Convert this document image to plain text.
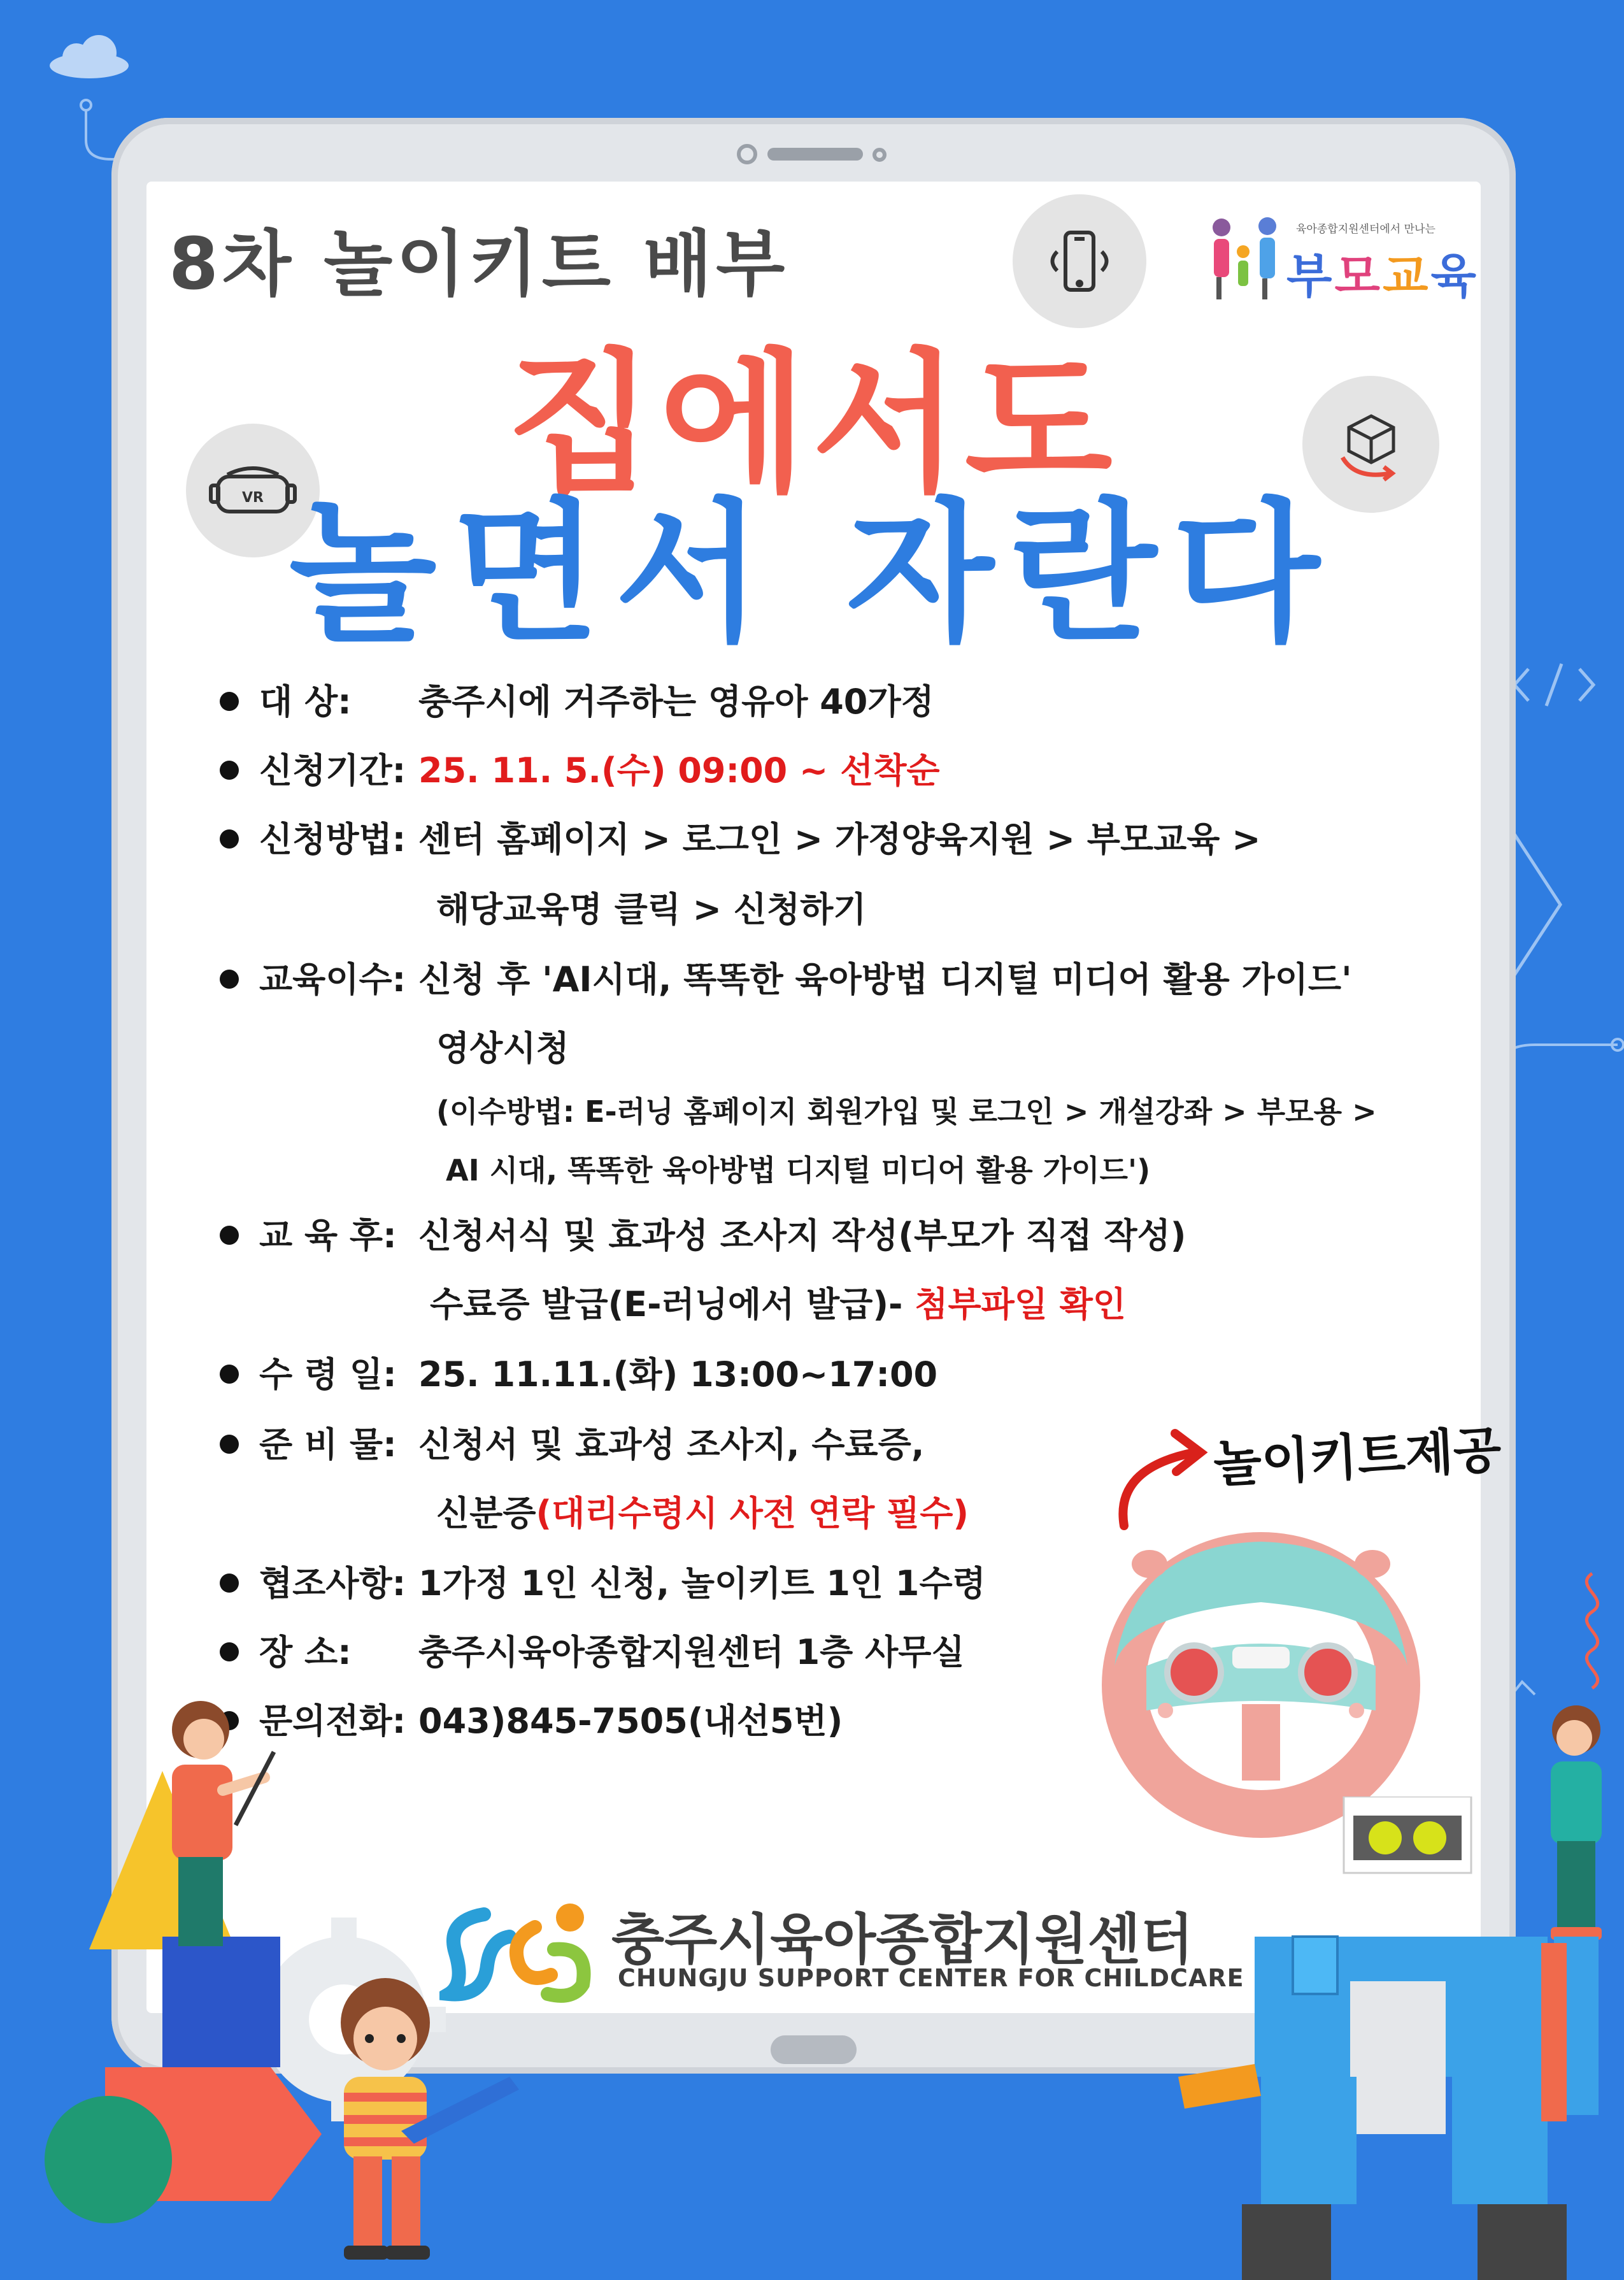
8차 놀이키트 배부	육아종합지원센터에서 만나는
부모교육
VR	집에서도
놀면서 자란다
대 상: 충주시에 거주하는 영유아 40가정
신청기간: 25. 11. 5.(수) 09:00 ~ 선착순
신청방법: 센터 홈페이지 > 로그인 > 가정양육지원 > 부모교육 >
해당교육명 클릭 > 신청하기
교육이수: 신청 후 'AI시대, 똑똑한 육아방법 디지털 미디어 활용 가이드'
영상시청
(이수방법: E-러닝 홈페이지 회원가입 및 로그인 > 개설강좌 > 부모용 >
AI 시대, 똑똑한 육아방법 디지털 미디어 활용 가이드')
교 육 후: 신청서식 및 효과성 조사지 작성(부모가 직접 작성)
수료증 발급(E-러닝에서 발급)- 첨부파일 확인
수 령 일: 25. 11.11.(화) 13:00~17:00
준 비 물: 신청서 및 효과성 조사지, 수료증,
신분증(대리수령시 사전 연락 필수)
협조사항: 1가정 1인 신청, 놀이키트 1인 1수령
장 소: 충주시육아종합지원센터 1층 사무실
문의전화: 043)845-7505(내선5번)
놀이키트제공
충주시육아종합지원센터
CHUNGJU SUPPORT CENTER FOR CHILDCARE
